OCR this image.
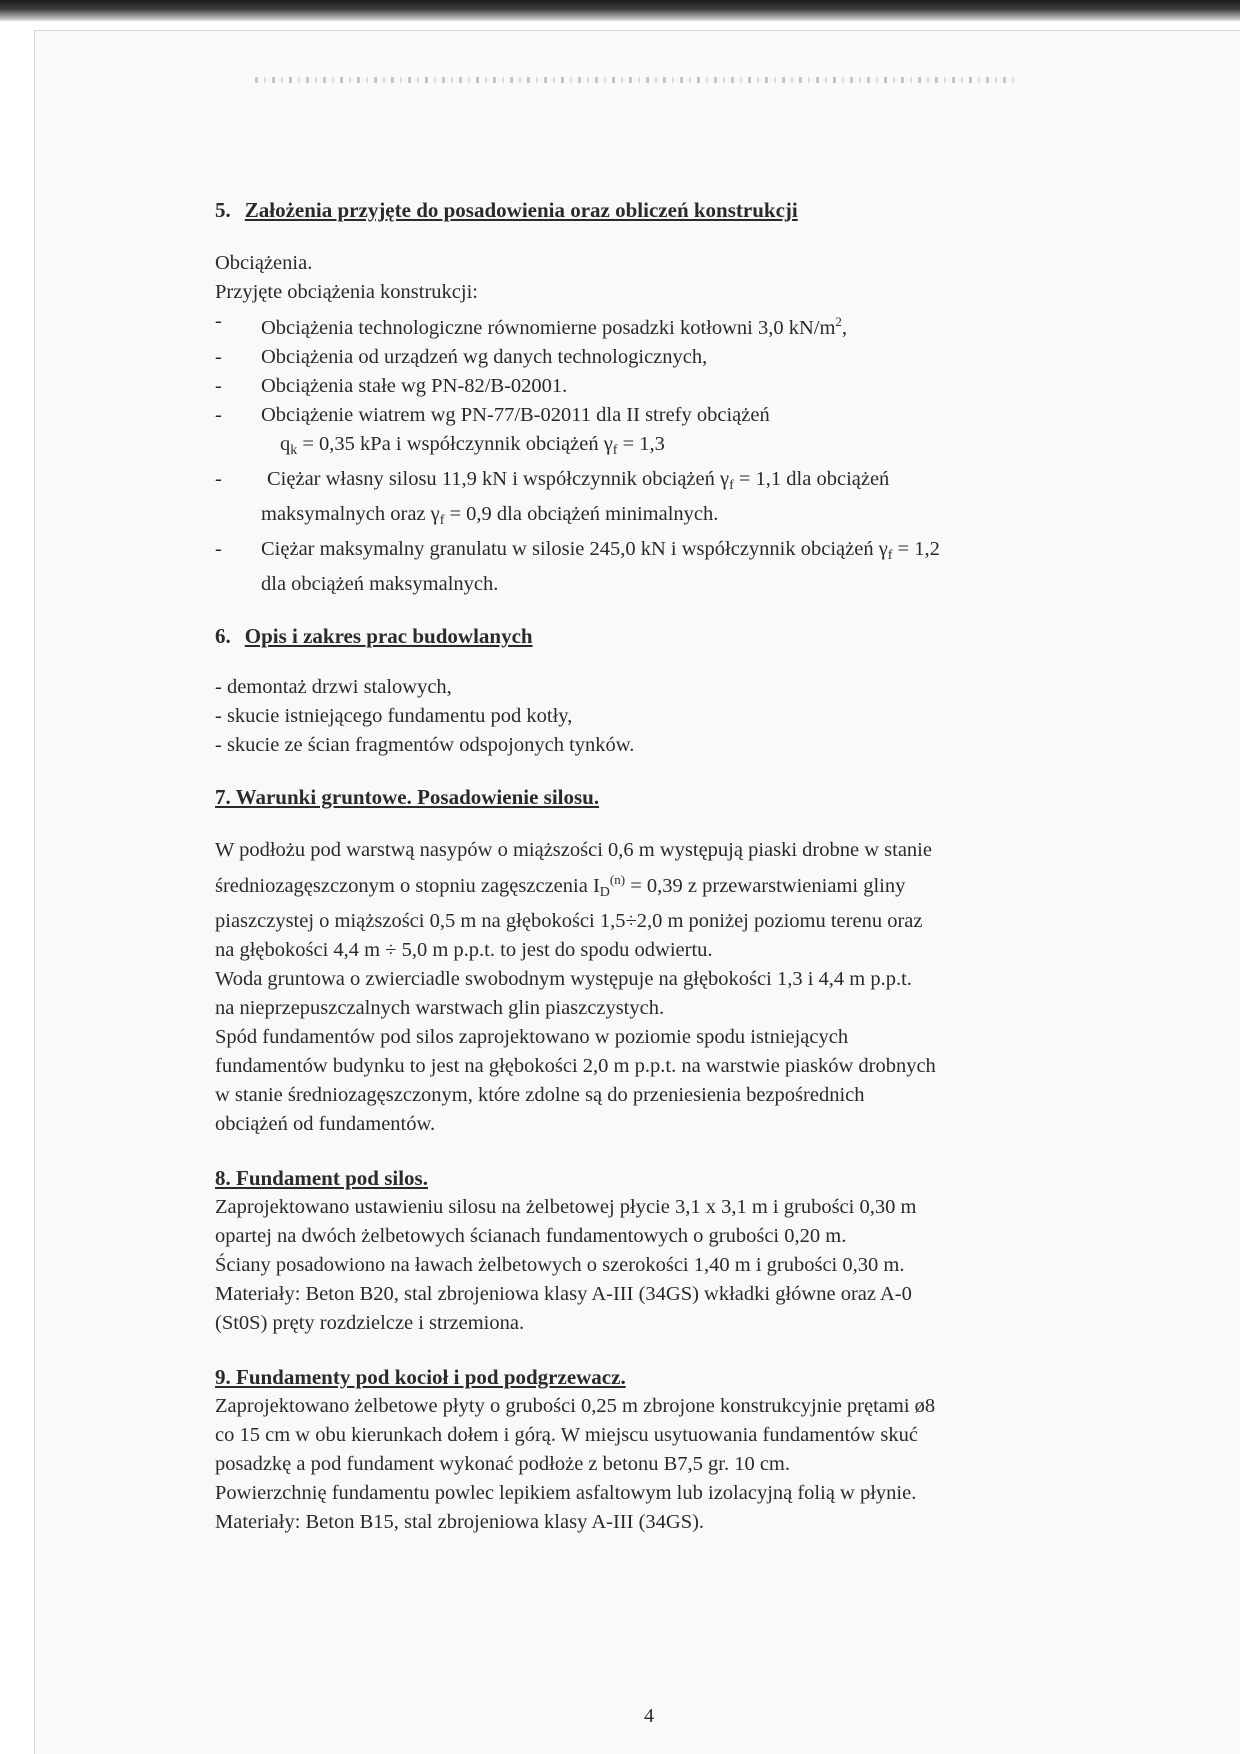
5. Założenia przyjęte do posadowienia oraz obliczeń konstrukcji

Obciążenia.

Przyjęte obciążenia konstrukcji:

-	Obciążenia technologiczne równomierne posadzki kotłowni 3,0 $kN/m^2$,
-	Obciążenia od urządzeń wg danych technologicznych,
-	Obciążenia stałe wg PN-82/B-02001.
-	Obciążenie wiatrem wg PN-77/B-02011 dla II strefy obciążeń

$q_k = 0,35$ kPa i współczynnik obciążeń $\gamma_f = 1,3$

-	Ciężar własny silosu 11,9 kN i współczynnik obciążeń $\gamma_f = 1,1$ dla obciążeń

maksymalnych oraz $\gamma_f = 0,9$ dla obciążeń minimalnych.

-	Ciężar maksymalny granulatu w silosie 245,0 kN i współczynnik obciążeń $\gamma_f = 1,2$

dla obciążeń maksymalnych.

6. Opis i zakres prac budowlanych

- demontaż drzwi stalowych,

- skucie istniejącego fundamentu pod kotły,

- skucie ze ścian fragmentów odspojonych tynków.

7. Warunki gruntowe. Posadowienie silosu.

W podłożu pod warstwą nasypów o miąższości 0,6 m występują piaski drobne w stanie

średniozagęszczonym o stopniu zagęszczenia $I_D^{(n)} = 0,39$ z przewarstwieniami gliny

piaszczystej o miąższości 0,5 m na głębokości 1,5÷2,0 m poniżej poziomu terenu oraz

na głębokości 4,4 m ÷ 5,0 m p.p.t. to jest do spodu odwiertu.

Woda gruntowa o zwierciadle swobodnym występuje na głębokości 1,3 i 4,4 m p.p.t.

na nieprzepuszczalnych warstwach glin piaszczystych.

Spód fundamentów pod silos zaprojektowano w poziomie spodu istniejących

fundamentów budynku to jest na głębokości 2,0 m p.p.t. na warstwie piasków drobnych

w stanie średniozagęszczonym, które zdolne są do przeniesienia bezpośrednich

obciążeń od fundamentów.

8. Fundament pod silos.

Zaprojektowano ustawieniu silosu na żelbetowej płycie 3,1 x 3,1 m i grubości 0,30 m

opartej na dwóch żelbetowych ścianach fundamentowych o grubości 0,20 m.

Ściany posadowiono na ławach żelbetowych o szerokości 1,40 m i grubości 0,30 m.

Materiały: Beton B20, stal zbrojeniowa klasy A-III (34GS) wkładki główne oraz A-0

(St0S) pręty rozdzielcze i strzemiona.

9. Fundamenty pod kocioł i pod podgrzewacz.

Zaprojektowano żelbetowe płyty o grubości 0,25 m zbrojone konstrukcyjnie prętami ø8

co 15 cm w obu kierunkach dołem i górą. W miejscu usytuowania fundamentów skuć

posadzkę a pod fundament wykonać podłoże z betonu B7,5 gr. 10 cm.

Powierzchnię fundamentu powlec lepikiem asfaltowym lub izolacyjną folią w płynie.

Materiały: Beton B15, stal zbrojeniowa klasy A-III (34GS).

4
